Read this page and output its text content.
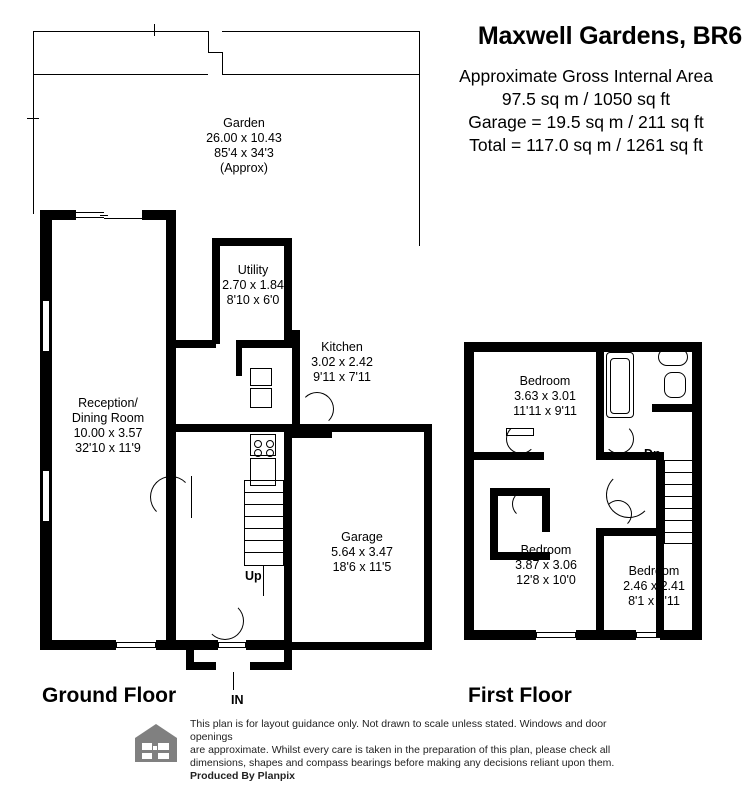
Maxwell Gardens, BR6
Approximate Gross Internal Area
97.5 sq m / 1050 sq ft
Garage = 19.5 sq m / 211 sq ft
Total = 117.0 sq m / 1261 sq ft
Garden
26.00 x 10.43
85'4 x 34'3
(Approx)
Utility
2.70 x 1.84
8'10 x 6'0
Kitchen
3.02 x 2.42
9'11 x 7'11
Reception/
Dining Room
10.00 x 3.57
32'10 x 11'9
Up
IN
Garage
5.64 x 3.47
18'6 x 11'5
Dn
Bedroom
3.63 x 3.01
11'11 x 9'11
Bedroom
3.87 x 3.06
12'8 x 10'0
Bedroom
2.46 x 2.41
8'1 x 7'11
Ground Floor	First Floor
This plan is for layout guidance only. Not drawn to scale unless stated. Windows and door openings
are approximate. Whilst every care is taken in the preparation of this plan, please check all
dimensions, shapes and compass bearings before making any decisions reliant upon them.
Produced By Planpix
